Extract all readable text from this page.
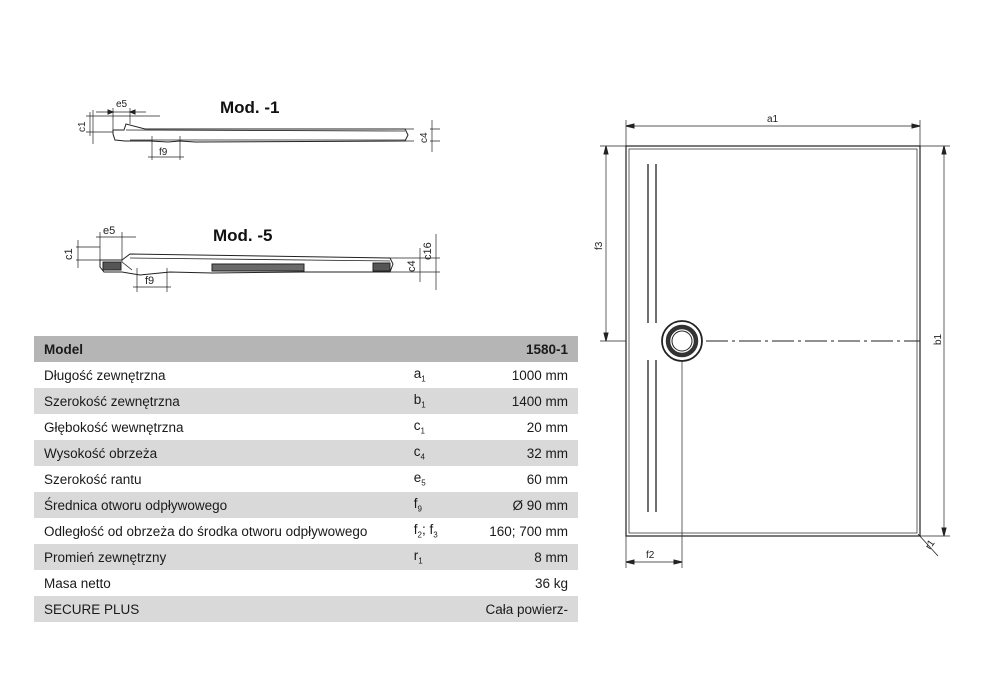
e5
c1
f9
c4
e5
c1
f9
c4
c16
Mod. -1
Mod. -5
Model		1580-1
Długość zewnętrzna	$a_1$	1000 mm
Szerokość zewnętrzna	$b_1$	1400 mm
Głębokość wewnętrzna	$c_1$	20 mm
Wysokość obrzeża	$c_4$	32 mm
Szerokość rantu	$e_5$	60 mm
Średnica otworu odpływowego	$f_9$	Ø 90 mm
Odległość od obrzeża do środka otworu odpływowego	$f_2$; $f_3$	160; 700 mm
Promień zewnętrzny	$r_1$	8 mm
Masa netto		36 kg
SECURE PLUS		Cała powierz-
a1
b1
f3
f2
r1
